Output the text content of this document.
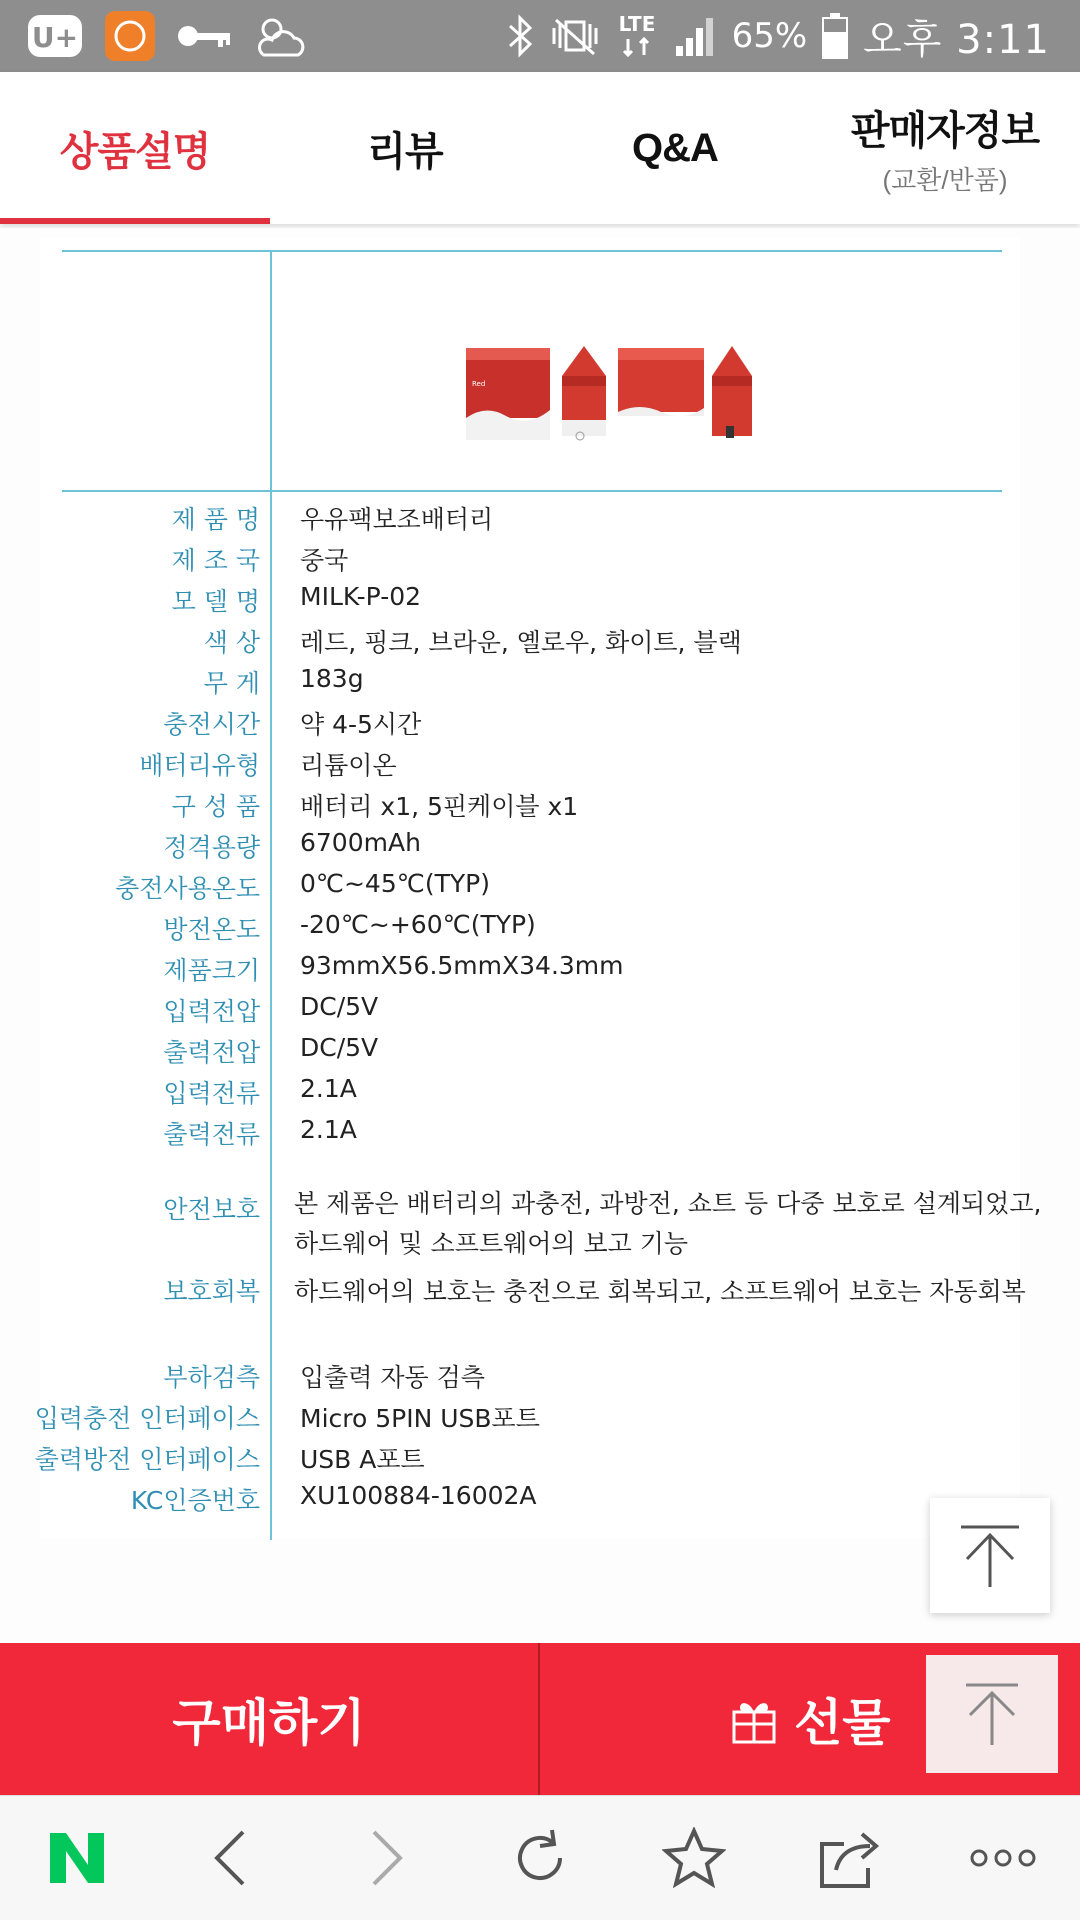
U+	LTE 65% 오후 3:11
상품설명	리뷰	Q&A	판매자정보
(교환/반품)
Red
제 품 명 우유팩보조배터리
제 조 국 중국
모 델 명 MILK-P-02
색 상 레드, 핑크, 브라운, 옐로우, 화이트, 블랙
무 게 183g
충전시간 약 4-5시간
배터리유형 리튬이온
구 성 품 배터리 x1, 5핀케이블 x1
정격용량 6700mAh
충전사용온도 0℃~45℃(TYP)
방전온도 -20℃~+60℃(TYP)
제품크기 93mmX56.5mmX34.3mm
입력전압 DC/5V
출력전압 DC/5V
입력전류 2.1A
출력전류 2.1A
안전보호 본 제품은 배터리의 과충전, 과방전, 쇼트 등 다중 보호로 설계되었고, 하드웨어 및 소프트웨어의 보고 기능
보호회복 하드웨어의 보호는 충전으로 회복되고, 소프트웨어 보호는 자동회복
부하검측 입출력 자동 검측
입력충전 인터페이스 Micro 5PIN USB포트
출력방전 인터페이스 USB A포트
KC인증번호 XU100884-16002A
구매하기	선물
